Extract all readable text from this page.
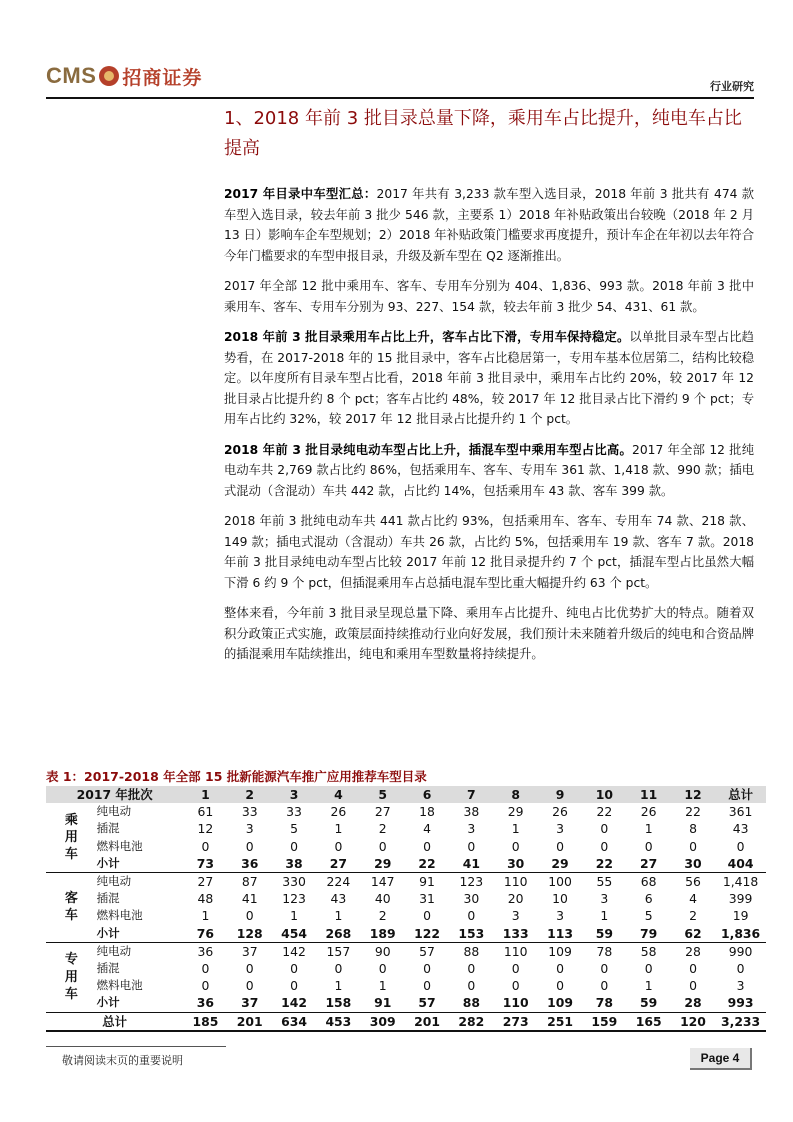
CMS 招商证券	行业研究
1、2018 年前 3 批目录总量下降，乘用车占比提升，纯电车占比提高

2017 年目录中车型汇总：2017 年共有 3,233 款车型入选目录，2018 年前 3 批共有 474 款车型入选目录，较去年前 3 批少 546 款，主要系 1）2018 年补贴政策出台较晚（2018 年 2 月 13 日）影响车企车型规划；2）2018 年补贴政策门槛要求再度提升，预计车企在年初以去年符合今年门槛要求的车型申报目录，升级及新车型在 Q2 逐渐推出。

2017 年全部 12 批中乘用车、客车、专用车分别为 404、1,836、993 款。2018 年前 3 批中乘用车、客车、专用车分别为 93、227、154 款，较去年前 3 批少 54、431、61 款。

2018 年前 3 批目录乘用车占比上升，客车占比下滑，专用车保持稳定。以单批目录车型占比趋势看，在 2017-2018 年的 15 批目录中，客车占比稳居第一，专用车基本位居第二，结构比较稳定。以年度所有目录车型占比看，2018 年前 3 批目录中，乘用车占比约 20%，较 2017 年 12 批目录占比提升约 8 个 pct；客车占比约 48%，较 2017 年 12 批目录占比下滑约 9 个 pct；专用车占比约 32%，较 2017 年 12 批目录占比提升约 1 个 pct。

2018 年前 3 批目录纯电动车型占比上升，插混车型中乘用车型占比高。2017 年全部 12 批纯电动车共 2,769 款占比约 86%，包括乘用车、客车、专用车 361 款、1,418 款、990 款；插电式混动（含混动）车共 442 款，占比约 14%，包括乘用车 43 款、客车 399 款。

2018 年前 3 批纯电动车共 441 款占比约 93%，包括乘用车、客车、专用车 74 款、218 款、149 款；插电式混动（含混动）车共 26 款，占比约 5%，包括乘用车 19 款、客车 7 款。2018 年前 3 批目录纯电动车型占比较 2017 年前 12 批目录提升约 7 个 pct，插混车型占比虽然大幅下滑 6 约 9 个 pct，但插混乘用车占总插电混车型比重大幅提升约 63 个 pct。

整体来看，今年前 3 批目录呈现总量下降、乘用车占比提升、纯电占比优势扩大的特点。随着双积分政策正式实施，政策层面持续推动行业向好发展，我们预计未来随着升级后的纯电和合资品牌的插混乘用车陆续推出，纯电和乘用车型数量将持续提升。

表 1：2017-2018 年全部 15 批新能源汽车推广应用推荐车型目录
2017 年批次		1	2	3	4	5	6	7	8	9	10	11	12	总计
乘用车	纯电动	61	33	33	26	27	18	38	29	26	22	26	22	361
	插混	12	3	5	1	2	4	3	1	3	0	1	8	43
	燃料电池	0	0	0	0	0	0	0	0	0	0	0	0	0
	小计	73	36	38	27	29	22	41	30	29	22	27	30	404
客车	纯电动	27	87	330	224	147	91	123	110	100	55	68	56	1,418
	插混	48	41	123	43	40	31	30	20	10	3	6	4	399
	燃料电池	1	0	1	1	2	0	0	3	3	1	5	2	19
	小计	76	128	454	268	189	122	153	133	113	59	79	62	1,836
专用车	纯电动	36	37	142	157	90	57	88	110	109	78	58	28	990
	插混	0	0	0	0	0	0	0	0	0	0	0	0	0
	燃料电池	0	0	0	1	1	0	0	0	0	0	1	0	3
	小计	36	37	142	158	91	57	88	110	109	78	59	28	993
总计		185	201	634	453	309	201	282	273	251	159	165	120	3,233
敬请阅读末页的重要说明	Page 4
